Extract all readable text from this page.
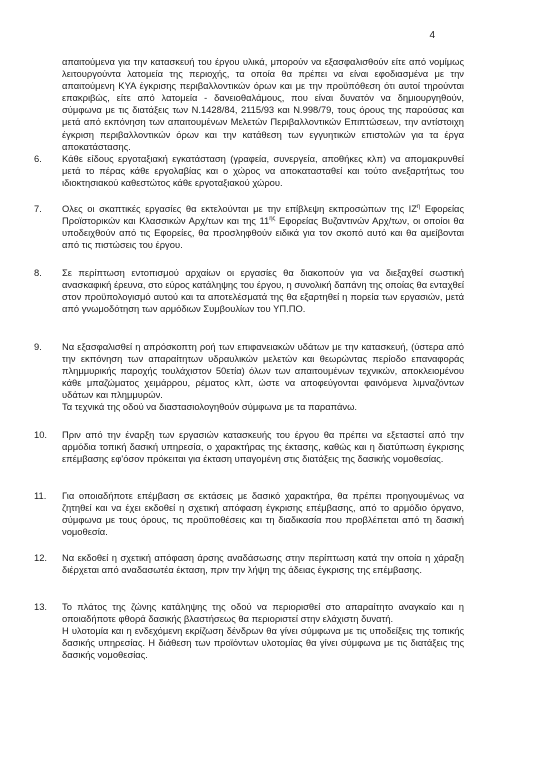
4
απαιτούμενα για την κατασκευή του έργου υλικά, μπορούν να εξασφαλισθούν είτε από νομίμως λειτουργούντα λατομεία της περιοχής, τα οποία θα πρέπει να είναι εφοδιασμένα με την απαιτούμενη ΚΥΑ έγκρισης περιβαλλοντικών όρων και με την προϋπόθεση ότι αυτοί τηρούνται επακριβώς, είτε από λατομεία - δανειοθαλάμους, που είναι δυνατόν να δημιουργηθούν, σύμφωνα με τις διατάξεις των Ν.1428/84, 2115/93 και Ν.998/79, τους όρους της παρούσας και μετά από εκπόνηση των απαιτουμένων Μελετών Περιβαλλοντικών Επιπτώσεων, την αντίστοιχη έγκριση περιβαλλοντικών όρων και την κατάθεση των εγγυητικών επιστολών για τα έργα αποκατάστασης.
6. Κάθε είδους εργοταξιακή εγκατάσταση (γραφεία, συνεργεία, αποθήκες κλπ) να απομακρυνθεί μετά το πέρας κάθε εργολαβίας και ο χώρος να αποκατασταθεί και τούτο ανεξαρτήτως του ιδιοκτησιακού καθεστώτος κάθε εργοταξιακού χώρου.
7. Ολες οι σκαπτικές εργασίες θα εκτελούνται με την επίβλεψη εκπροσώπων της $IZ^\eta$ Εφορείας Προϊστορικών και Κλασσικών Αρχ/των και της $11^{\eta\varsigma}$ Εφορείας Βυζαντινών Αρχ/των, οι οποίοι θα υποδειχθούν από τις Εφορείες, θα προσληφθούν ειδικά για τον σκοπό αυτό και θα αμείβονται από τις πιστώσεις του έργου.
8. Σε περίπτωση εντοπισμού αρχαίων οι εργασίες θα διακοπούν για να διεξαχθεί σωστική ανασκαφική έρευνα, στο εύρος κατάληψης του έργου, η συνολική δαπάνη της οποίας θα ενταχθεί στον προϋπολογισμό αυτού και τα αποτελέσματά της θα εξαρτηθεί η πορεία των εργασιών, μετά από γνωμοδότηση των αρμόδιων Συμβουλίων του ΥΠ.ΠΟ.
9. Να εξασφαλισθεί η απρόσκοπτη ροή των επιφανειακών υδάτων με την κατασκευή, (ύστερα από την εκπόνηση των απαραίτητων υδραυλικών μελετών και θεωρώντας περίοδο επαναφοράς πλημμυρικής παροχής τουλάχιστον 50ετία) όλων των απαιτουμένων τεχνικών, αποκλειομένου κάθε μπαζώματος χειμάρρου, ρέματος κλπ, ώστε να αποφεύγονται φαινόμενα λιμναζόντων υδάτων και πλημμυρών.
Τα τεχνικά της οδού να διαστασιολογηθούν σύμφωνα με τα παραπάνω.
10. Πριν από την έναρξη των εργασιών κατασκευής του έργου θα πρέπει να εξεταστεί από την αρμόδια τοπική δασική υπηρεσία, ο χαρακτήρας της έκτασης, καθώς και η διατύπωση έγκρισης επέμβασης εφ'όσον πρόκειται για έκταση υπαγομένη στις διατάξεις της δασικής νομοθεσίας.
11. Για οποιαδήποτε επέμβαση σε εκτάσεις με δασικό χαρακτήρα, θα πρέπει προηγουμένως να ζητηθεί και να έχει εκδοθεί η σχετική απόφαση έγκρισης επέμβασης, από το αρμόδιο όργανο, σύμφωνα με τους όρους, τις προϋποθέσεις και τη διαδικασία που προβλέπεται από τη δασική νομοθεσία.
12. Να εκδοθεί η σχετική απόφαση άρσης αναδάσωσης στην περίπτωση κατά την οποία η χάραξη διέρχεται από αναδασωτέα έκταση, πριν την λήψη της άδειας έγκρισης της επέμβασης.
13. Το πλάτος της ζώνης κατάληψης της οδού να περιορισθεί στο απαραίτητο αναγκαίο και η οποιαδήποτε φθορά δασικής βλαστήσεως θα περιοριστεί στην ελάχιστη δυνατή.
Η υλοτομία και η ενδεχόμενη εκρίζωση δένδρων θα γίνει σύμφωνα με τις υποδείξεις της τοπικής δασικής υπηρεσίας. Η διάθεση των προϊόντων υλοτομίας θα γίνει σύμφωνα με τις διατάξεις της δασικής νομοθεσίας.
